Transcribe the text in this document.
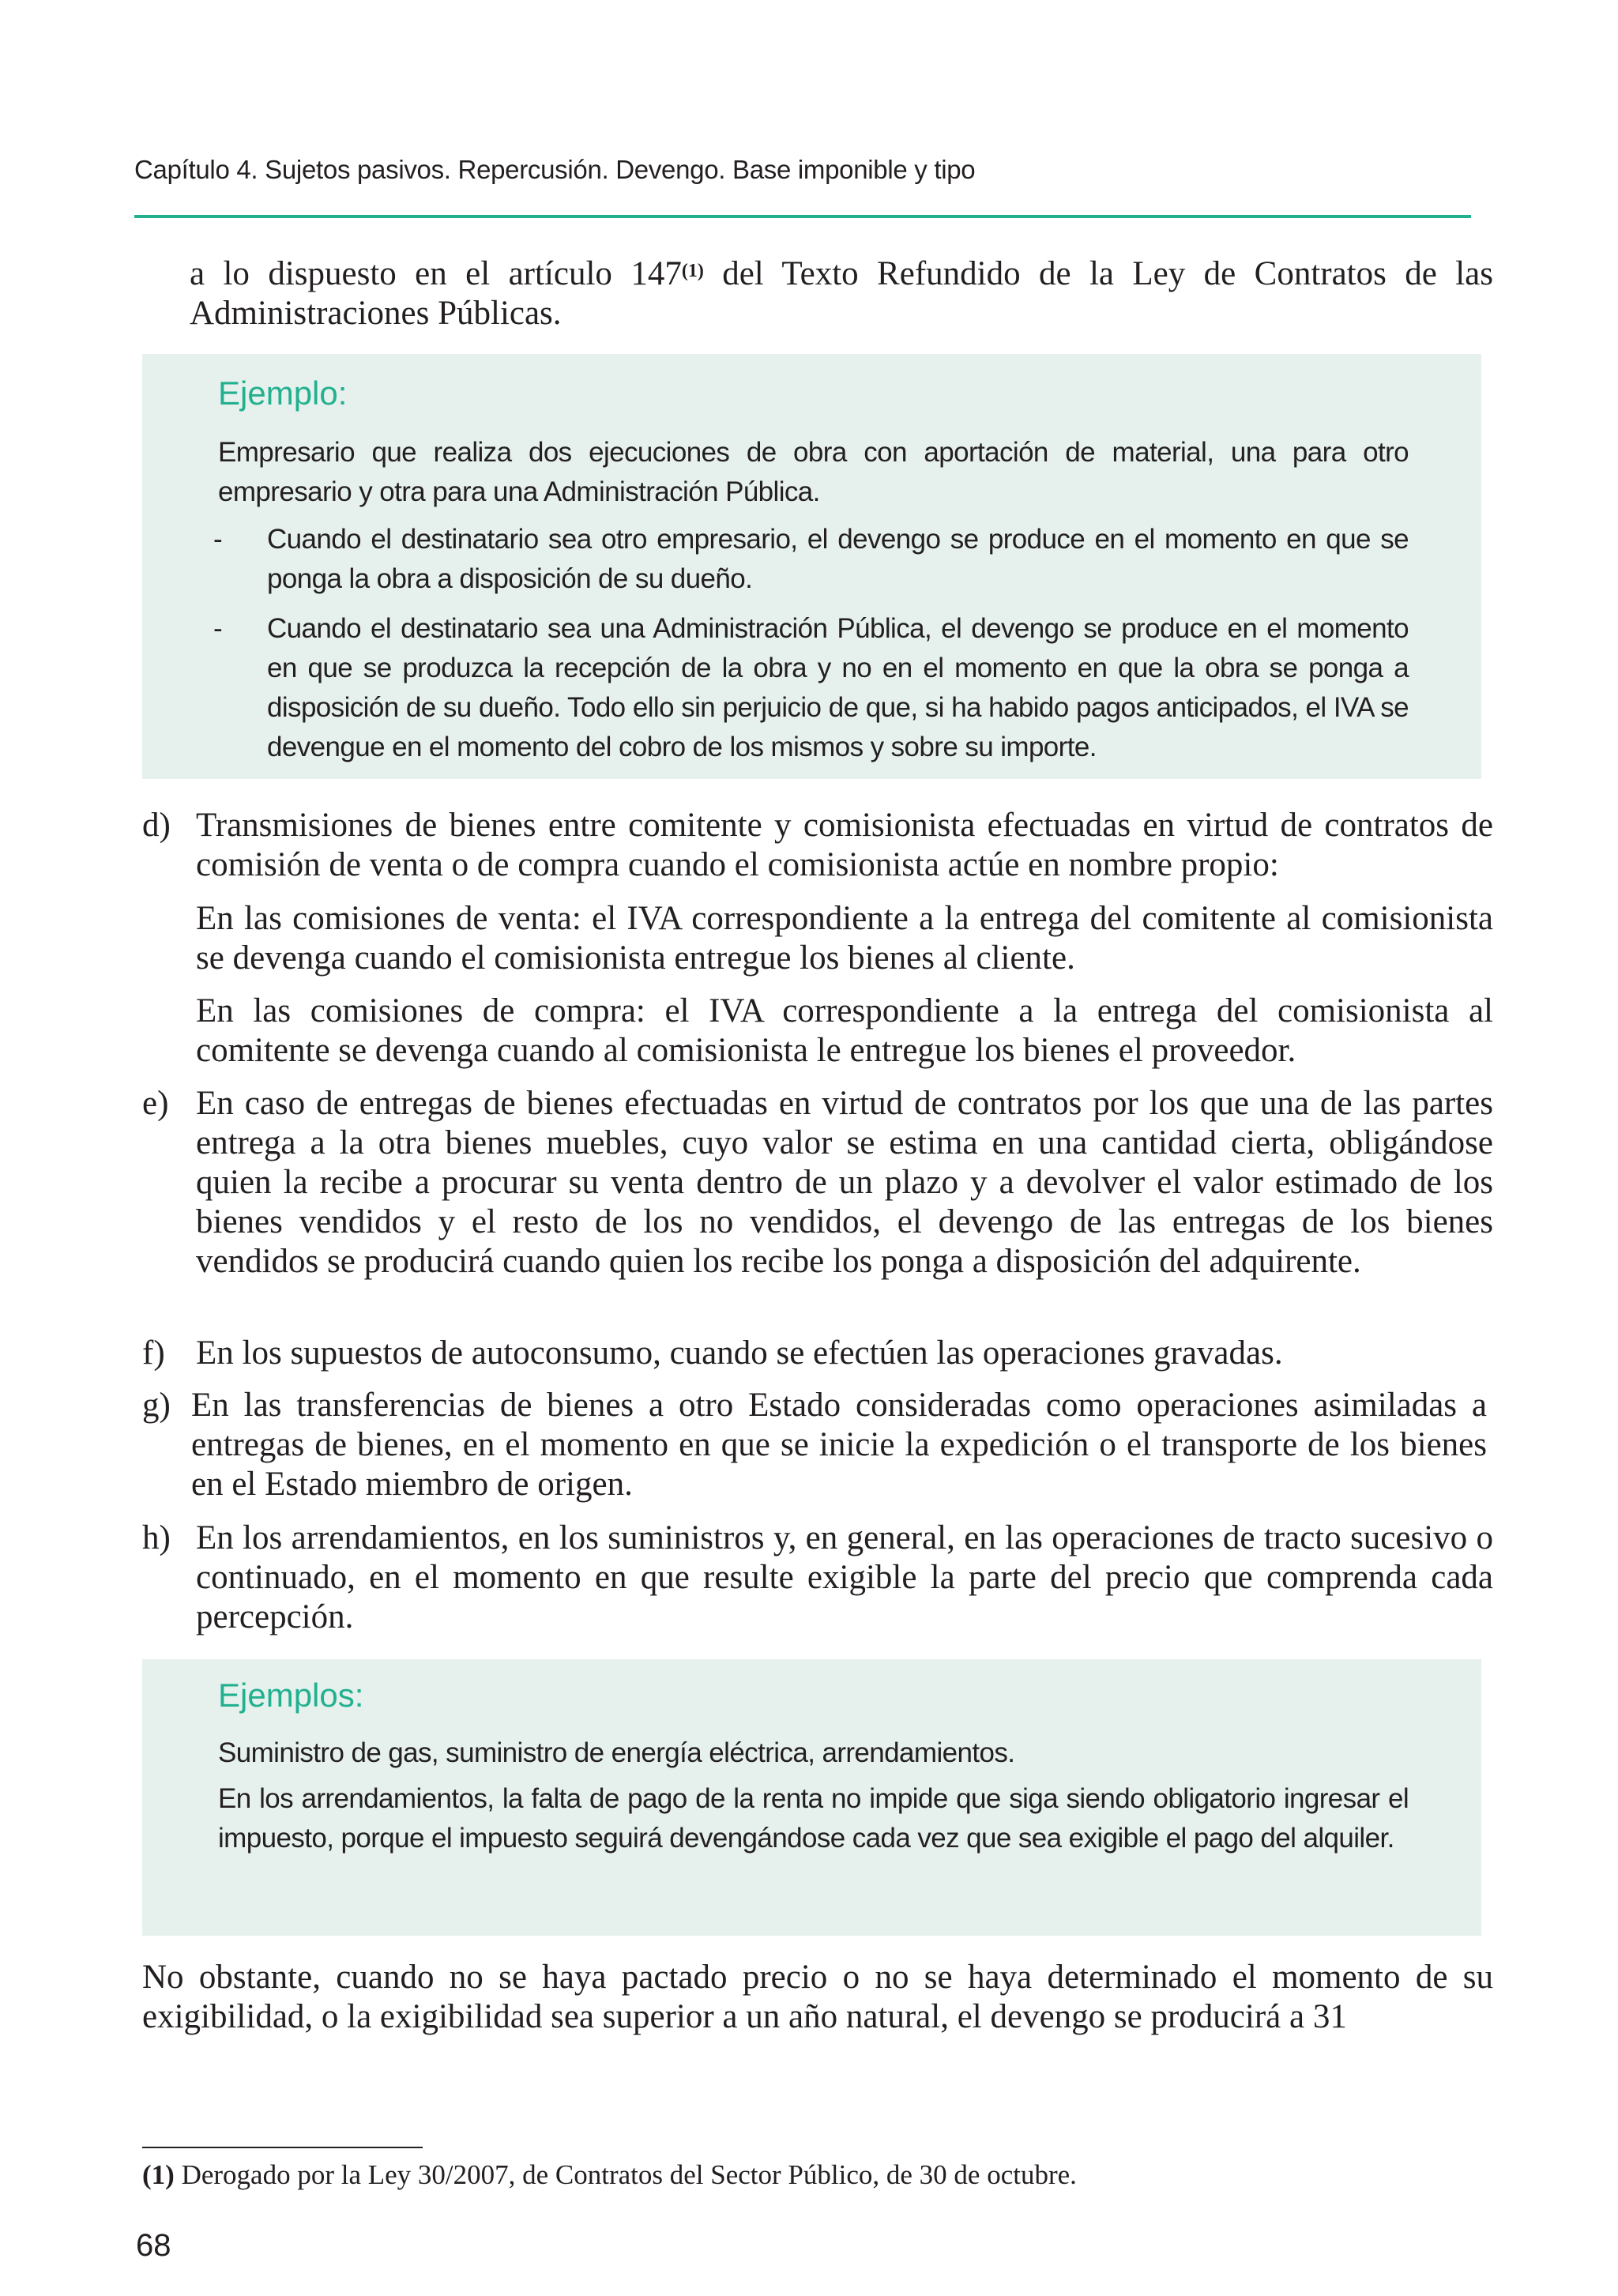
Capítulo 4. Sujetos pasivos. Repercusión. Devengo. Base imponible y tipo
a lo dispuesto en el artículo 147$^{(1)}$ del Texto Refundido de la Ley de Contratos de las Administraciones Públicas.
Ejemplo:
Empresario que realiza dos ejecuciones de obra con aportación de material, una para otro empresario y otra para una Administración Pública.
- Cuando el destinatario sea otro empresario, el devengo se produce en el momento en que se ponga la obra a disposición de su dueño.
- Cuando el destinatario sea una Administración Pública, el devengo se produce en el momento en que se produzca la recepción de la obra y no en el momento en que la obra se ponga a disposición de su dueño. Todo ello sin perjuicio de que, si ha habido pagos anticipados, el IVA se devengue en el momento del cobro de los mismos y sobre su importe.
d) Transmisiones de bienes entre comitente y comisionista efectuadas en virtud de contratos de comisión de venta o de compra cuando el comisionista actúe en nombre propio:
En las comisiones de venta: el IVA correspondiente a la entrega del comitente al comisionista se devenga cuando el comisionista entregue los bienes al cliente.
En las comisiones de compra: el IVA correspondiente a la entrega del comisionista al comitente se devenga cuando al comisionista le entregue los bienes el proveedor.
e) En caso de entregas de bienes efectuadas en virtud de contratos por los que una de las partes entrega a la otra bienes muebles, cuyo valor se estima en una cantidad cierta, obligándose quien la recibe a procurar su venta dentro de un plazo y a devolver el valor estimado de los bienes vendidos y el resto de los no vendidos, el devengo de las entregas de los bienes vendidos se producirá cuando quien los recibe los ponga a disposición del adquirente.
f) En los supuestos de autoconsumo, cuando se efectúen las operaciones gravadas.
g) En las transferencias de bienes a otro Estado consideradas como operaciones asimiladas a entregas de bienes, en el momento en que se inicie la expedición o el transporte de los bienes en el Estado miembro de origen.
h) En los arrendamientos, en los suministros y, en general, en las operaciones de tracto sucesivo o continuado, en el momento en que resulte exigible la parte del precio que comprenda cada percepción.
Ejemplos:
Suministro de gas, suministro de energía eléctrica, arrendamientos.
En los arrendamientos, la falta de pago de la renta no impide que siga siendo obligatorio ingresar el impuesto, porque el impuesto seguirá devengándose cada vez que sea exigible el pago del alquiler.
No obstante, cuando no se haya pactado precio o no se haya determinado el momento de su exigibilidad, o la exigibilidad sea superior a un año natural, el devengo se producirá a 31
(1) Derogado por la Ley 30/2007, de Contratos del Sector Público, de 30 de octubre.
68
